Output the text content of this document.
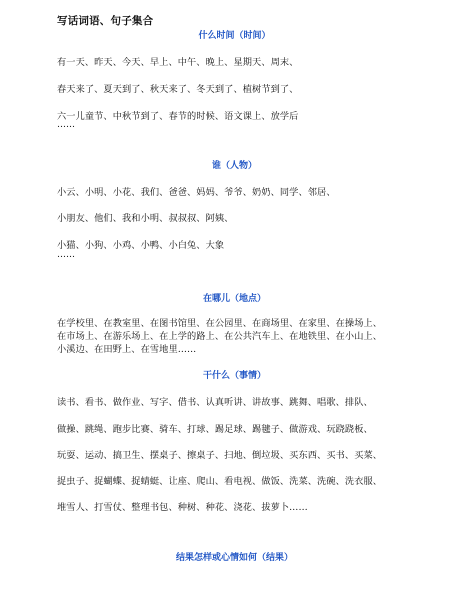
写话词语、句子集合
什么时间（时间）
有一天、昨天、今天、早上、中午、晚上、星期天、周末、
春天来了、夏天到了、秋天来了、冬天到了、植树节到了、
六一儿童节、中秋节到了、春节的时候、语文课上、放学后
……
谁（人物）
小云、小明、小花、我们、爸爸、妈妈、爷爷、奶奶、同学、邻居、
小朋友、他们、我和小明、叔叔叔、阿姨、
小猫、小狗、小鸡、小鸭、小白兔、大象
……
在哪儿（地点）
在学校里、在教室里、在图书馆里、在公园里、在商场里、在家里、在操场上、
在市场上、在游乐场上、在上学的路上、在公共汽车上、在地铁里、在小山上、
小溪边、在田野上、在雪地里……
干什么（事情）
读书、看书、做作业、写字、借书、认真听讲、讲故事、跳舞、唱歌、排队、
做操、跳绳、跑步比赛、骑车、打球、踢足球、踢毽子、做游戏、玩跷跷板、
玩耍、运动、搞卫生、摆桌子、擦桌子、扫地、倒垃圾、买东西、买书、买菜、
捉虫子、捉蝴蝶、捉蜻蜓、让座、爬山、看电视、做饭、洗菜、洗碗、洗衣服、
堆雪人、打雪仗、整理书包、种树、种花、浇花、拔萝卜……
结果怎样或心情如何（结果）
